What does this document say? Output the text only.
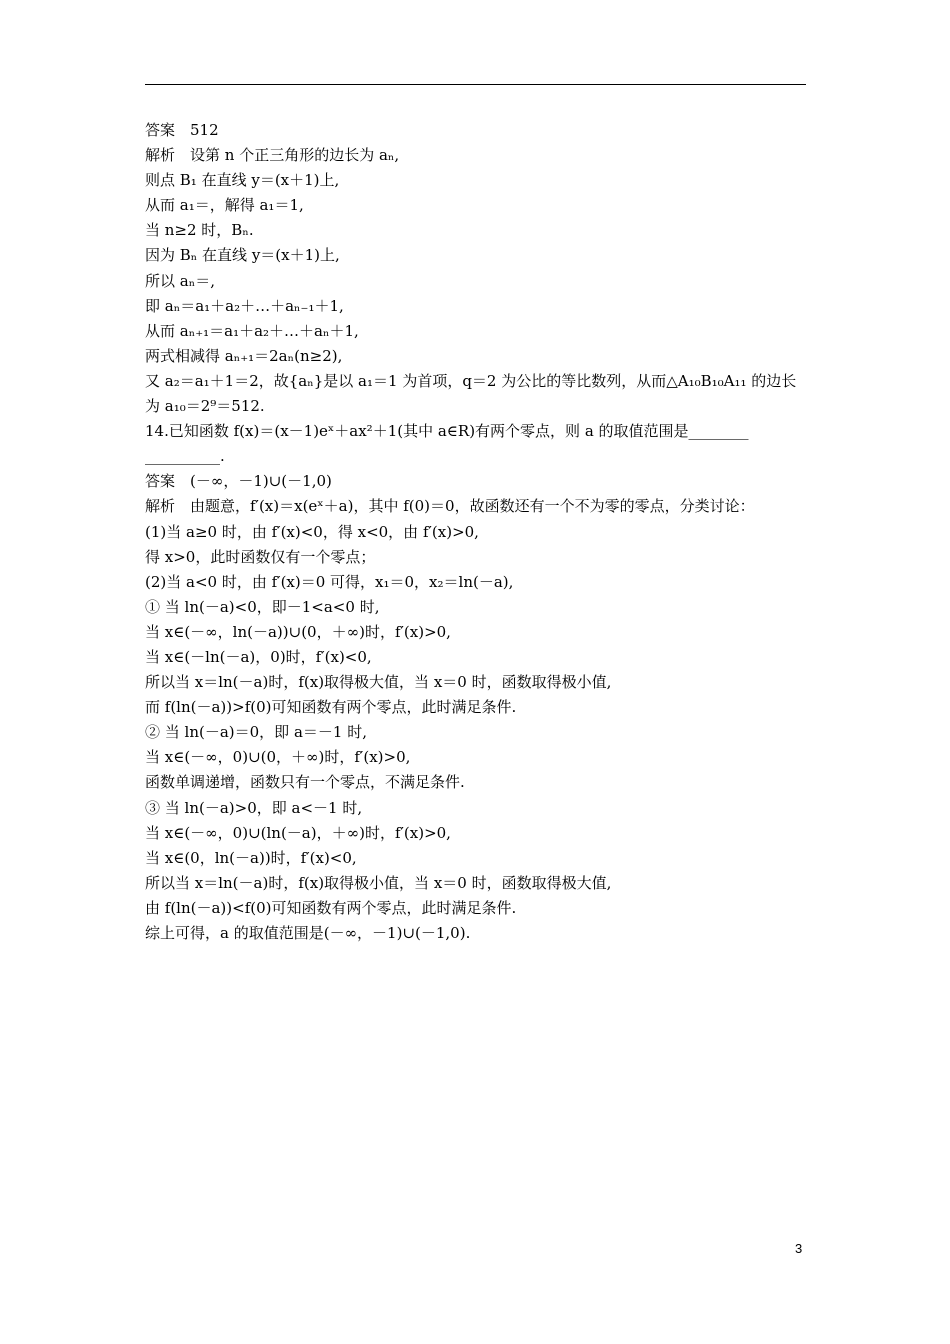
答案　512
解析　设第 n 个正三角形的边长为 aₙ,
则点 B₁ 在直线 y＝(x＋1)上,
从而 a₁＝，解得 a₁＝1,
当 n≥2 时，Bₙ.
因为 Bₙ 在直线 y＝(x＋1)上,
所以 aₙ＝,
即 aₙ＝a₁＋a₂＋…＋aₙ₋₁＋1,
从而 aₙ₊₁＝a₁＋a₂＋…＋aₙ＋1,
两式相减得 aₙ₊₁＝2aₙ(n≥2),
又 a₂＝a₁＋1＝2，故{aₙ}是以 a₁＝1 为首项，q＝2 为公比的等比数列，从而△A₁₀B₁₀A₁₁ 的边长
为 a₁₀＝2⁹＝512.
14.已知函数 f(x)＝(x－1)eˣ＋ax²＋1(其中 a∈R)有两个零点，则 a 的取值范围是________
__________.
答案　(－∞，－1)∪(－1,0)
解析　由题意，f′(x)＝x(eˣ＋a)，其中 f(0)＝0，故函数还有一个不为零的零点，分类讨论：
(1)当 a≥0 时，由 f′(x)<0，得 x<0，由 f′(x)>0,
得 x>0，此时函数仅有一个零点；
(2)当 a<0 时，由 f′(x)＝0 可得，x₁＝0，x₂＝ln(－a),
① 当 ln(－a)<0，即－1<a<0 时,
当 x∈(－∞，ln(－a))∪(0，＋∞)时，f′(x)>0,
当 x∈(－ln(－a)，0)时，f′(x)<0,
所以当 x＝ln(－a)时，f(x)取得极大值，当 x＝0 时，函数取得极小值,
而 f(ln(－a))>f(0)可知函数有两个零点，此时满足条件.
② 当 ln(－a)＝0，即 a＝－1 时,
当 x∈(－∞，0)∪(0，＋∞)时，f′(x)>0,
函数单调递增，函数只有一个零点，不满足条件.
③ 当 ln(－a)>0，即 a<－1 时,
当 x∈(－∞，0)∪(ln(－a)，＋∞)时，f′(x)>0,
当 x∈(0，ln(－a))时，f′(x)<0,
所以当 x＝ln(－a)时，f(x)取得极小值，当 x＝0 时，函数取得极大值,
由 f(ln(－a))<f(0)可知函数有两个零点，此时满足条件.
综上可得，a 的取值范围是(－∞，－1)∪(－1,0).
3
